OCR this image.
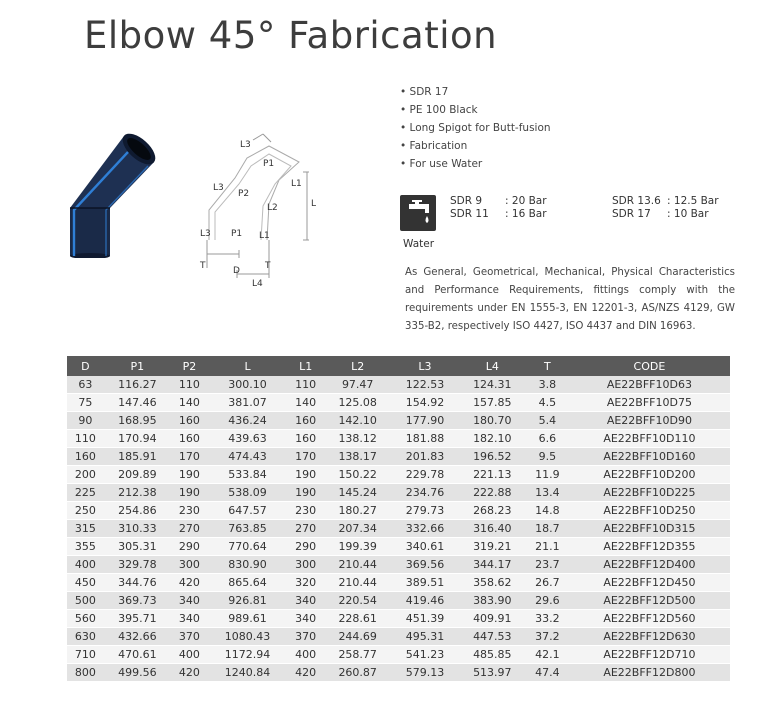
Elbow 45° Fabrication
L3
P1
L1
L3
P2
L2	L
L3 P1 L1
T	D	T
L4
• SDR 17
• PE 100 Black
• Long Spigot for Butt-fusion
• Fabrication
• For use Water
Water
SDR 9	: 20 Bar
SDR 11 : 16 Bar
SDR 13.6 : 12.5 Bar
SDR 17 : 10 Bar

As General, Geometrical, Mechanical, Physical Characteristics and Performance Requirements, fittings comply with the requirements under EN 1555-3, EN 12201-3, AS/NZS 4129, GW 335-B2, respectively ISO 4427, ISO 4437 and DIN 16963.

D	P1	P2	L	L1	L2	L3	L4	T	CODE
63	116.27	110	300.10	110	97.47	122.53	124.31	3.8	AE22BFF10D63
75	147.46	140	381.07	140	125.08	154.92	157.85	4.5	AE22BFF10D75
90	168.95	160	436.24	160	142.10	177.90	180.70	5.4	AE22BFF10D90
110	170.94	160	439.63	160	138.12	181.88	182.10	6.6	AE22BFF10D110
160	185.91	170	474.43	170	138.17	201.83	196.52	9.5	AE22BFF10D160
200	209.89	190	533.84	190	150.22	229.78	221.13	11.9	AE22BFF10D200
225	212.38	190	538.09	190	145.24	234.76	222.88	13.4	AE22BFF10D225
250	254.86	230	647.57	230	180.27	279.73	268.23	14.8	AE22BFF10D250
315	310.33	270	763.85	270	207.34	332.66	316.40	18.7	AE22BFF10D315
355	305.31	290	770.64	290	199.39	340.61	319.21	21.1	AE22BFF12D355
400	329.78	300	830.90	300	210.44	369.56	344.17	23.7	AE22BFF12D400
450	344.76	420	865.64	320	210.44	389.51	358.62	26.7	AE22BFF12D450
500	369.73	340	926.81	340	220.54	419.46	383.90	29.6	AE22BFF12D500
560	395.71	340	989.61	340	228.61	451.39	409.91	33.2	AE22BFF12D560
630	432.66	370	1080.43	370	244.69	495.31	447.53	37.2	AE22BFF12D630
710	470.61	400	1172.94	400	258.77	541.23	485.85	42.1	AE22BFF12D710
800	499.56	420	1240.84	420	260.87	579.13	513.97	47.4	AE22BFF12D800
